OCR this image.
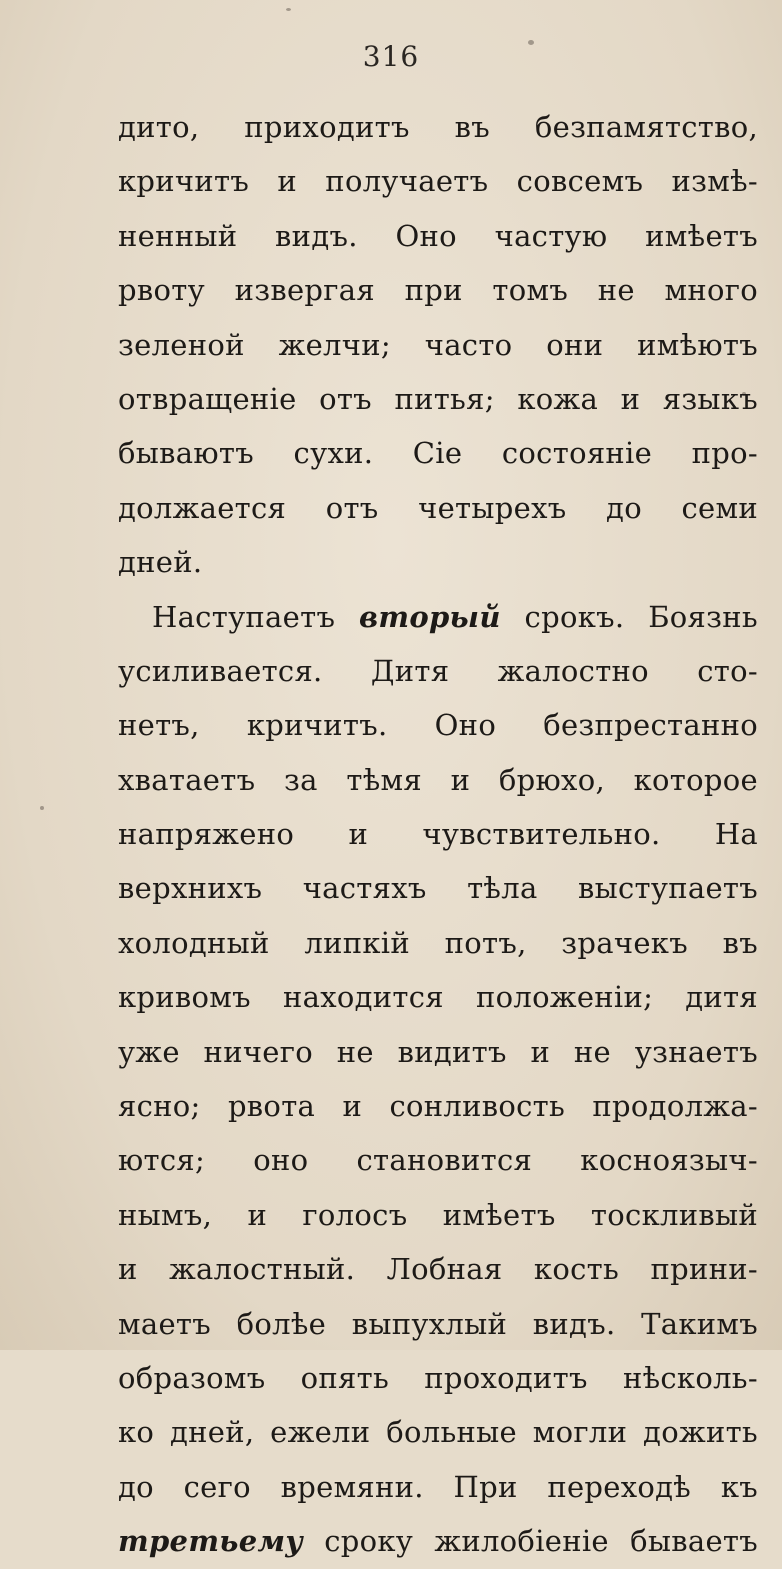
316
дито, приходитъ въ безпамятство,
кричитъ и получаетъ совсемъ измѣ-
ненный видъ. Оно частую имѣетъ
рвоту извергая при томъ не много
зеленой желчи; часто они имѣютъ
отвращенiе отъ питья; кожа и языкъ
бываютъ сухи. Сiе состоянiе про-
должается отъ четырехъ до семи
дней.
Наступаетъ вторый срокъ. Боязнь
усиливается. Дитя жалостно сто-
нетъ, кричитъ. Оно безпрестанно
хватаетъ за тѣмя и брюхо, которое
напряжено и чувствительно. На
верхнихъ частяхъ тѣла выступаетъ
холодный липкiй потъ, зрачекъ въ
кривомъ находится положенiи; дитя
уже ничего не видитъ и не узнаетъ
ясно; рвота и сонливость продолжа-
ются; оно становится косноязыч-
нымъ, и голосъ имѣетъ тоскливый
и жалостный. Лобная кость прини-
маетъ болѣе выпухлый видъ. Такимъ
образомъ опять проходитъ нѣсколь-
ко дней, ежели больные могли дожить
до сего времяни. При переходѣ къ
третьему сроку жилобiенiе бываетъ
